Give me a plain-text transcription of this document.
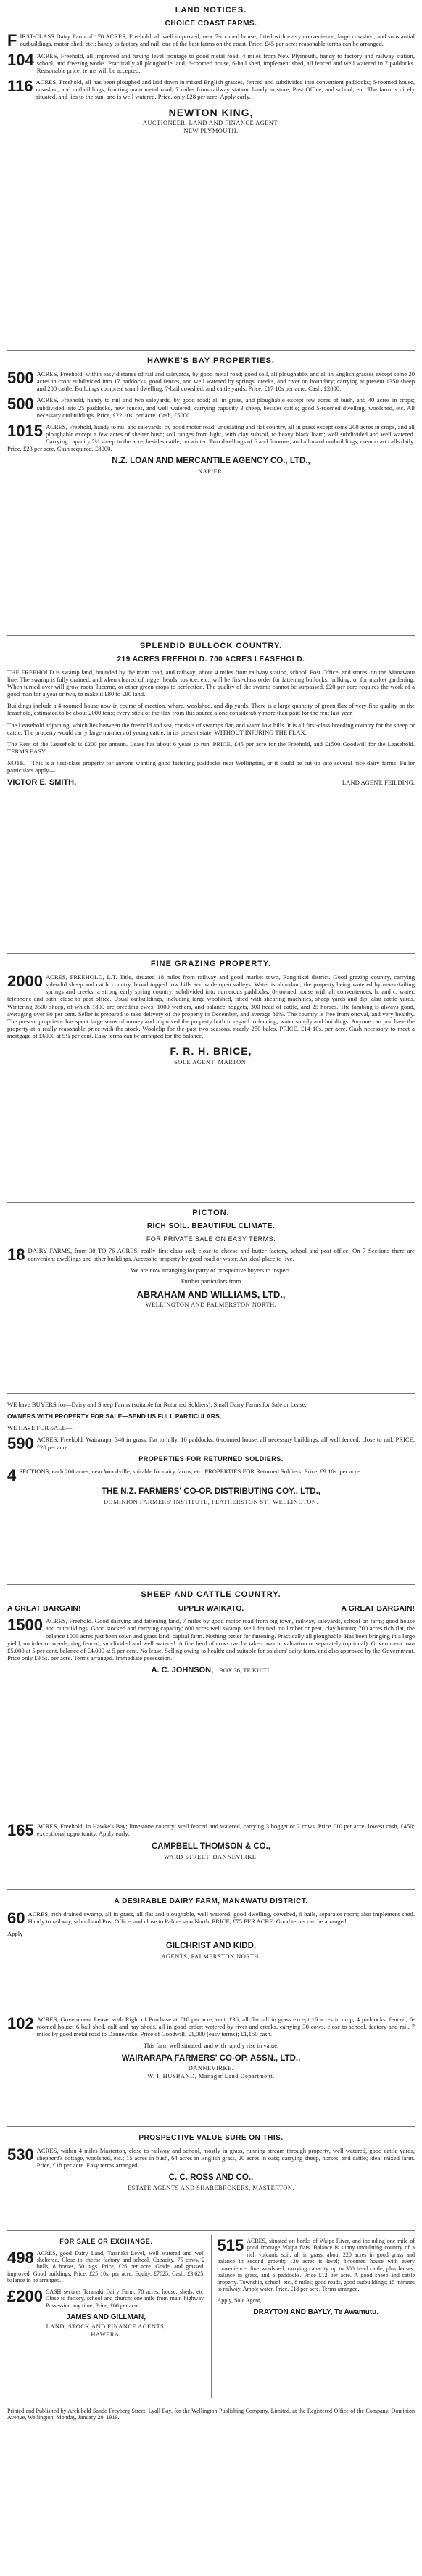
LAND NOTICES.
CHOICE COAST FARMS.
F IRST-CLASS Dairy Farm of 170 ACRES, Freehold, all well improved; new 7-roomed house, fitted with every convenience, large cowshed, and substantial outbuildings, motor-shed, etc.; handy to factory and rail; one of the best farms on the coast. Price, £45 per acre; reasonable terms can be arranged.
104 ACRES, Freehold, all improved and having level frontage to good metal road; 4 miles from New Plymouth, handy to factory and railway station, school, and freezing works. Practically all ploughable land, 6-roomed house, 6-bail shed, implement shed, all fenced and well watered in 7 paddocks. Reasonable price; terms will be accepted.
116 ACRES, Freehold, all has been ploughed and laid down in mixed English grasses, fenced and subdivided into convenient paddocks; 6-roomed house, cowshed, and outbuildings, fronting main metal road; 7 miles from railway station, handy to store, Post Office, and school, etc. The farm is nicely situated, and lies to the sun, and is well watered. Price, only £28 per acre. Apply early.
NEWTON KING,
AUCTIONEER, LAND AND FINANCE AGENT,
NEW PLYMOUTH.
HAWKE'S BAY PROPERTIES.
500 ACRES, Freehold, within easy distance of rail and saleyards, by good metal road; good soil, all ploughable, and all in English grasses except some 20 acres in crop; subdivided into 17 paddocks, good fences, and well watered by springs, creeks, and river on boundary; carrying at present 1350 sheep and 200 cattle. Buildings comprise small dwelling, 7-bail cowshed, and cattle yards. Price, £17 10s per acre. Cash, £2000.
500 ACRES, Freehold, handy to rail and two saleyards, by good road; all in grass, and ploughable except few acres of bush, and 40 acres in crops; subdivided into 25 paddocks, new fences, and well watered; carrying capacity 3 sheep, besides cattle; good 5-roomed dwelling, woolshed, etc. All necessary outbuildings. Price, £22 10s. per acre. Cash, £5000.
1015 ACRES, Freehold, handy to rail and saleyards, by good motor road; undulating and flat country, all in grass except some 200 acres in crops, and all ploughable except a few acres of shelter bush; soil ranges from light, with clay subsoil, to heavy black loam; well subdivided and well watered. Carrying capacity 2½ sheep to the acre, besides cattle, on winter. Two dwellings of 6 and 5 rooms, and all usual outbuildings; cream cart calls daily. Price, £23 per acre. Cash required, £8000.
N.Z. LOAN AND MERCANTILE AGENCY CO., LTD.,
NAPIER.
SPLENDID BULLOCK COUNTRY.
219 ACRES FREEHOLD. 700 ACRES LEASEHOLD.

THE FREEHOLD is swamp land, bounded by the main road, and railway; about 4 miles from railway station, school, Post Office, and stores, on the Manawatu line. The swamp is fully drained, and when cleared of nigger heads, tos toe, etc., will be first-class order for fattening bullocks, milking, or for market gardening. When turned over will grow roots, lucerne, or other green crops to perfection. The quality of the swamp cannot be surpassed. £20 per acre requires the work of a good man for a year or two, to make it £80 to £90 land.

Buildings include a 4-roomed house now in course of erection, whare, woolshed, and dip yards. There is a large quantity of green flax of very fine quality on the leasehold, estimated to be about 2000 tons; every stick of the flax from this source alone considerably more than paid for the rent last year.

The Leasehold adjoining, which lies between the freehold and sea, consists of swamps flat, and warm low hills. It is all first-class breeding country for the sheep or cattle. The property would carry large numbers of young cattle, in its present state, WITHOUT INJURING THE FLAX.

The Rent of the Leasehold is £200 per annum. Lease has about 6 years to run. PRICE, £45 per acre for the Freehold, and £1500 Goodwill for the Leasehold. TERMS EASY.

NOTE.—This is a first-class property for anyone wanting good fattening paddocks near Wellington, or it could be cut up into several nice dairy farms. Fuller particulars apply—

VICTOR E. SMITH,	LAND AGENT, FEILDING.
FINE GRAZING PROPERTY.
2000 ACRES, FREEHOLD, L.T. Title, situated 18 miles from railway and good market town, Rangitikei district. Good grazing country, carrying splendid sheep and cattle country, broad topped low hills and wide open valleys. Water is abundant, the property being watered by never-failing springs and creeks; a strong early spring country; subdivided into numerous paddocks; 8-roomed house with all conveniences, h. and c. water, telephone and bath, close to post office. Usual outbuildings, including large woolshed, fitted with shearing machines, sheep yards and dip, also cattle yards. Wintering 3500 sheep, of which 1800 are breeding ewes; 1000 wethers, and balance hoggets, 300 head of cattle, and 25 horses. The lambing is always good, averaging over 90 per cent. Seller is prepared to take delivery of the property in December, and average 81%. The country is free from ottoval, and very healthy. The present proprietor has spent large sums of money and improved the property both in regard to fencing, water supply and buildings. Anyone can purchase the property at a really reasonable price with the stock. Woolclip for the past two seasons, nearly 250 bales. PRICE, £14 10s. per acre. Cash necessary to meet a mortgage of £6000 at 5¼ per cent. Easy terms can be arranged for the balance.
F. R. H. BRICE,
SOLE AGENT, MARTON.
PICTON.
RICH SOIL. BEAUTIFUL CLIMATE.
FOR PRIVATE SALE ON EASY TERMS.
18 DAIRY FARMS, from 30 TO 76 ACRES, really first-class soil; close to cheese and butter factory, school and post office. On 7 Sections there are convenient dwellings and other buildings. Access to property by good road or water. An ideal place to live.
We are now arranging for party of prospective buyers to inspect.
Further particulars from
ABRAHAM AND WILLIAMS, LTD.,
WELLINGTON AND PALMERSTON NORTH.
WE have BUYERS for—Dairy and Sheep Farms (suitable for Returned Soldiers), Small Dairy Farms for Sale or Lease.
OWNERS WITH PROPERTY FOR SALE—SEND US FULL PARTICULARS,
WE HAVE FOR SALE—
590 ACRES, Freehold, Wairarapa; 340 in grass, flat to hilly, 10 paddocks; 6-roomed house, all necessary buildings; all well fenced; close to rail. PRICE, £20 per acre.
PROPERTIES FOR RETURNED SOLDIERS.
4 SECTIONS, each 200 acres, near Woodville, suitable for dairy farms, etc. PROPERTIES FOR Returned Soldiers. Price, £9 10s. per acre.
THE N.Z. FARMERS' CO-OP. DISTRIBUTING COY., LTD.,
DOMINION FARMERS' INSTITUTE, FEATHERSTON ST., WELLINGTON.
SHEEP AND CATTLE COUNTRY.
A GREAT BARGAIN!	UPPER WAIKATO.	A GREAT BARGAIN!
1500 ACRES, Freehold. Good dairying and fattening land, 7 miles by good motor road from big town, railway, saleyards, school on farm; good house and outbuildings. Good stocked and carrying capacity; 800 acres well swamp, well drained; no limber or peat, clay bottom; 700 acres rich flat, the balance 1000 acres just been sown and grass land; capital farm. Nothing better for fattening. Practically all ploughable. Has been bringing in a large yield; no inferior weeds, ring fenced, subdivided and well watered. A fine herd of cows can be taken over at valuation or separately (optional). Government loan £5,000 at 5 per cent, balance of £4,000 at 5 per cent. No lease. Selling owing to health; and suitable for soldiers' dairy farm, and also approved by the Government. Price only £9 5s. per acre. Terms arranged. Immediate possession.
A. C. JOHNSON, BOX 36, TE KUITI.
165 ACRES, Freehold, in Hawke's Bay; limestone country; well fenced and watered, carrying 3 hogget or 2 cows. Price £10 per acre; lowest cash, £450; exceptional opportunity. Apply early.
CAMPBELL THOMSON & CO.,
WARD STREET, DANNEVIRKE.
A DESIRABLE DAIRY FARM, MANAWATU DISTRICT.
60 ACRES, rich drained swamp, all in grass, all flat and ploughable, well watered; good dwelling, cowshed, 6 bails, separator room; also implement shed. Handy to railway, school and Post Office, and close to Palmerston North. PRICE, £75 PER ACRE. Good terms can be arranged.
Apply
GILCHRIST AND KIDD,
AGENTS, PALMERSTON NORTH.
102 ACRES, Government Lease, with Right of Purchase at £18 per acre; rent, £36; all flat, all in grass except 16 acres in crop, 4 paddocks, fenced; 6-roomed house, 6-bail shed, calf and hay sheds, all in good order; watered by river and creeks, carrying 30 cows, close to school, factory and rail, 7 miles by good metal road to Dannevirke. Price of Goodwill, £1,000 (easy terms); £1,150 cash.
This farm well situated, and with rapidly rise in value.
WAIRARAPA FARMERS' CO-OP. ASSN., LTD.,
DANNEVIRKE.
W. I. HUSBAND, Manager Land Department.
PROSPECTIVE VALUE SURE ON THIS.
530 ACRES, within 4 miles Masterton, close to railway and school, mostly in grass, running stream through property, well watered, good cattle yards, shepherd's cottage, woolshed, etc.; 15 acres in bush, 64 acres in English grass, 20 acres in oats; carrying sheep, horses, and cattle; ideal mixed farm. Price, £18 per acre. Easy terms arranged.
C. C. ROSS AND CO.,
ESTATE AGENTS AND SHAREBROKERS, MASTERTON.
FOR SALE OR EXCHANGE.
498 ACRES, good Dairy Land, Taranaki Level, well watered and well sheltered. Close to cheese factory and school. Capacity, 75 cows, 2 bulls, 8 horses, 50 pigs. Price, £26 per acre. Grade, and grassed; improved. Good buildings. Price, £25 10s. per acre. Equity, £7625. Cash, £3,625; balance to be arranged.
£200 CASH secures Taranaki Dairy Farm, 70 acres, house, sheds, etc. Close to factory, school and church; one mile from main highway. Possession any time. Price, £60 per acre.
JAMES AND GILLMAN,
LAND, STOCK AND FINANCE AGENTS,
HAWERA.
515 ACRES, situated on banks of Waipa River, and including one mile of good frontage Waipa flats. Balance is sunny undulating country of a rich volcanic soil; all in grass; about 220 acres in good grass and balance in second growth; 130 acres is level; 8-roomed house with every convenience; fine woolshed; carrying capacity up to 300 head cattle, plus horses; balance in grass, and 6 paddocks. Price £12 per acre. A good sheep and cattle property. Township, school, etc., 8 miles; good roads, good outbuildings; 15 minutes to railway. Ample water. Price, £18 per acre. Terms arranged.
Apply, Sole Agent,
DRAYTON AND BAYLY, Te Awamutu.
Printed and Published by Archibald Sando Freyberg Street, Lyall Bay, for the Wellington Publishing Company, Limited, at the Registered Office of the Company, Dominion Avenue, Wellington, Monday, January 20, 1919.
